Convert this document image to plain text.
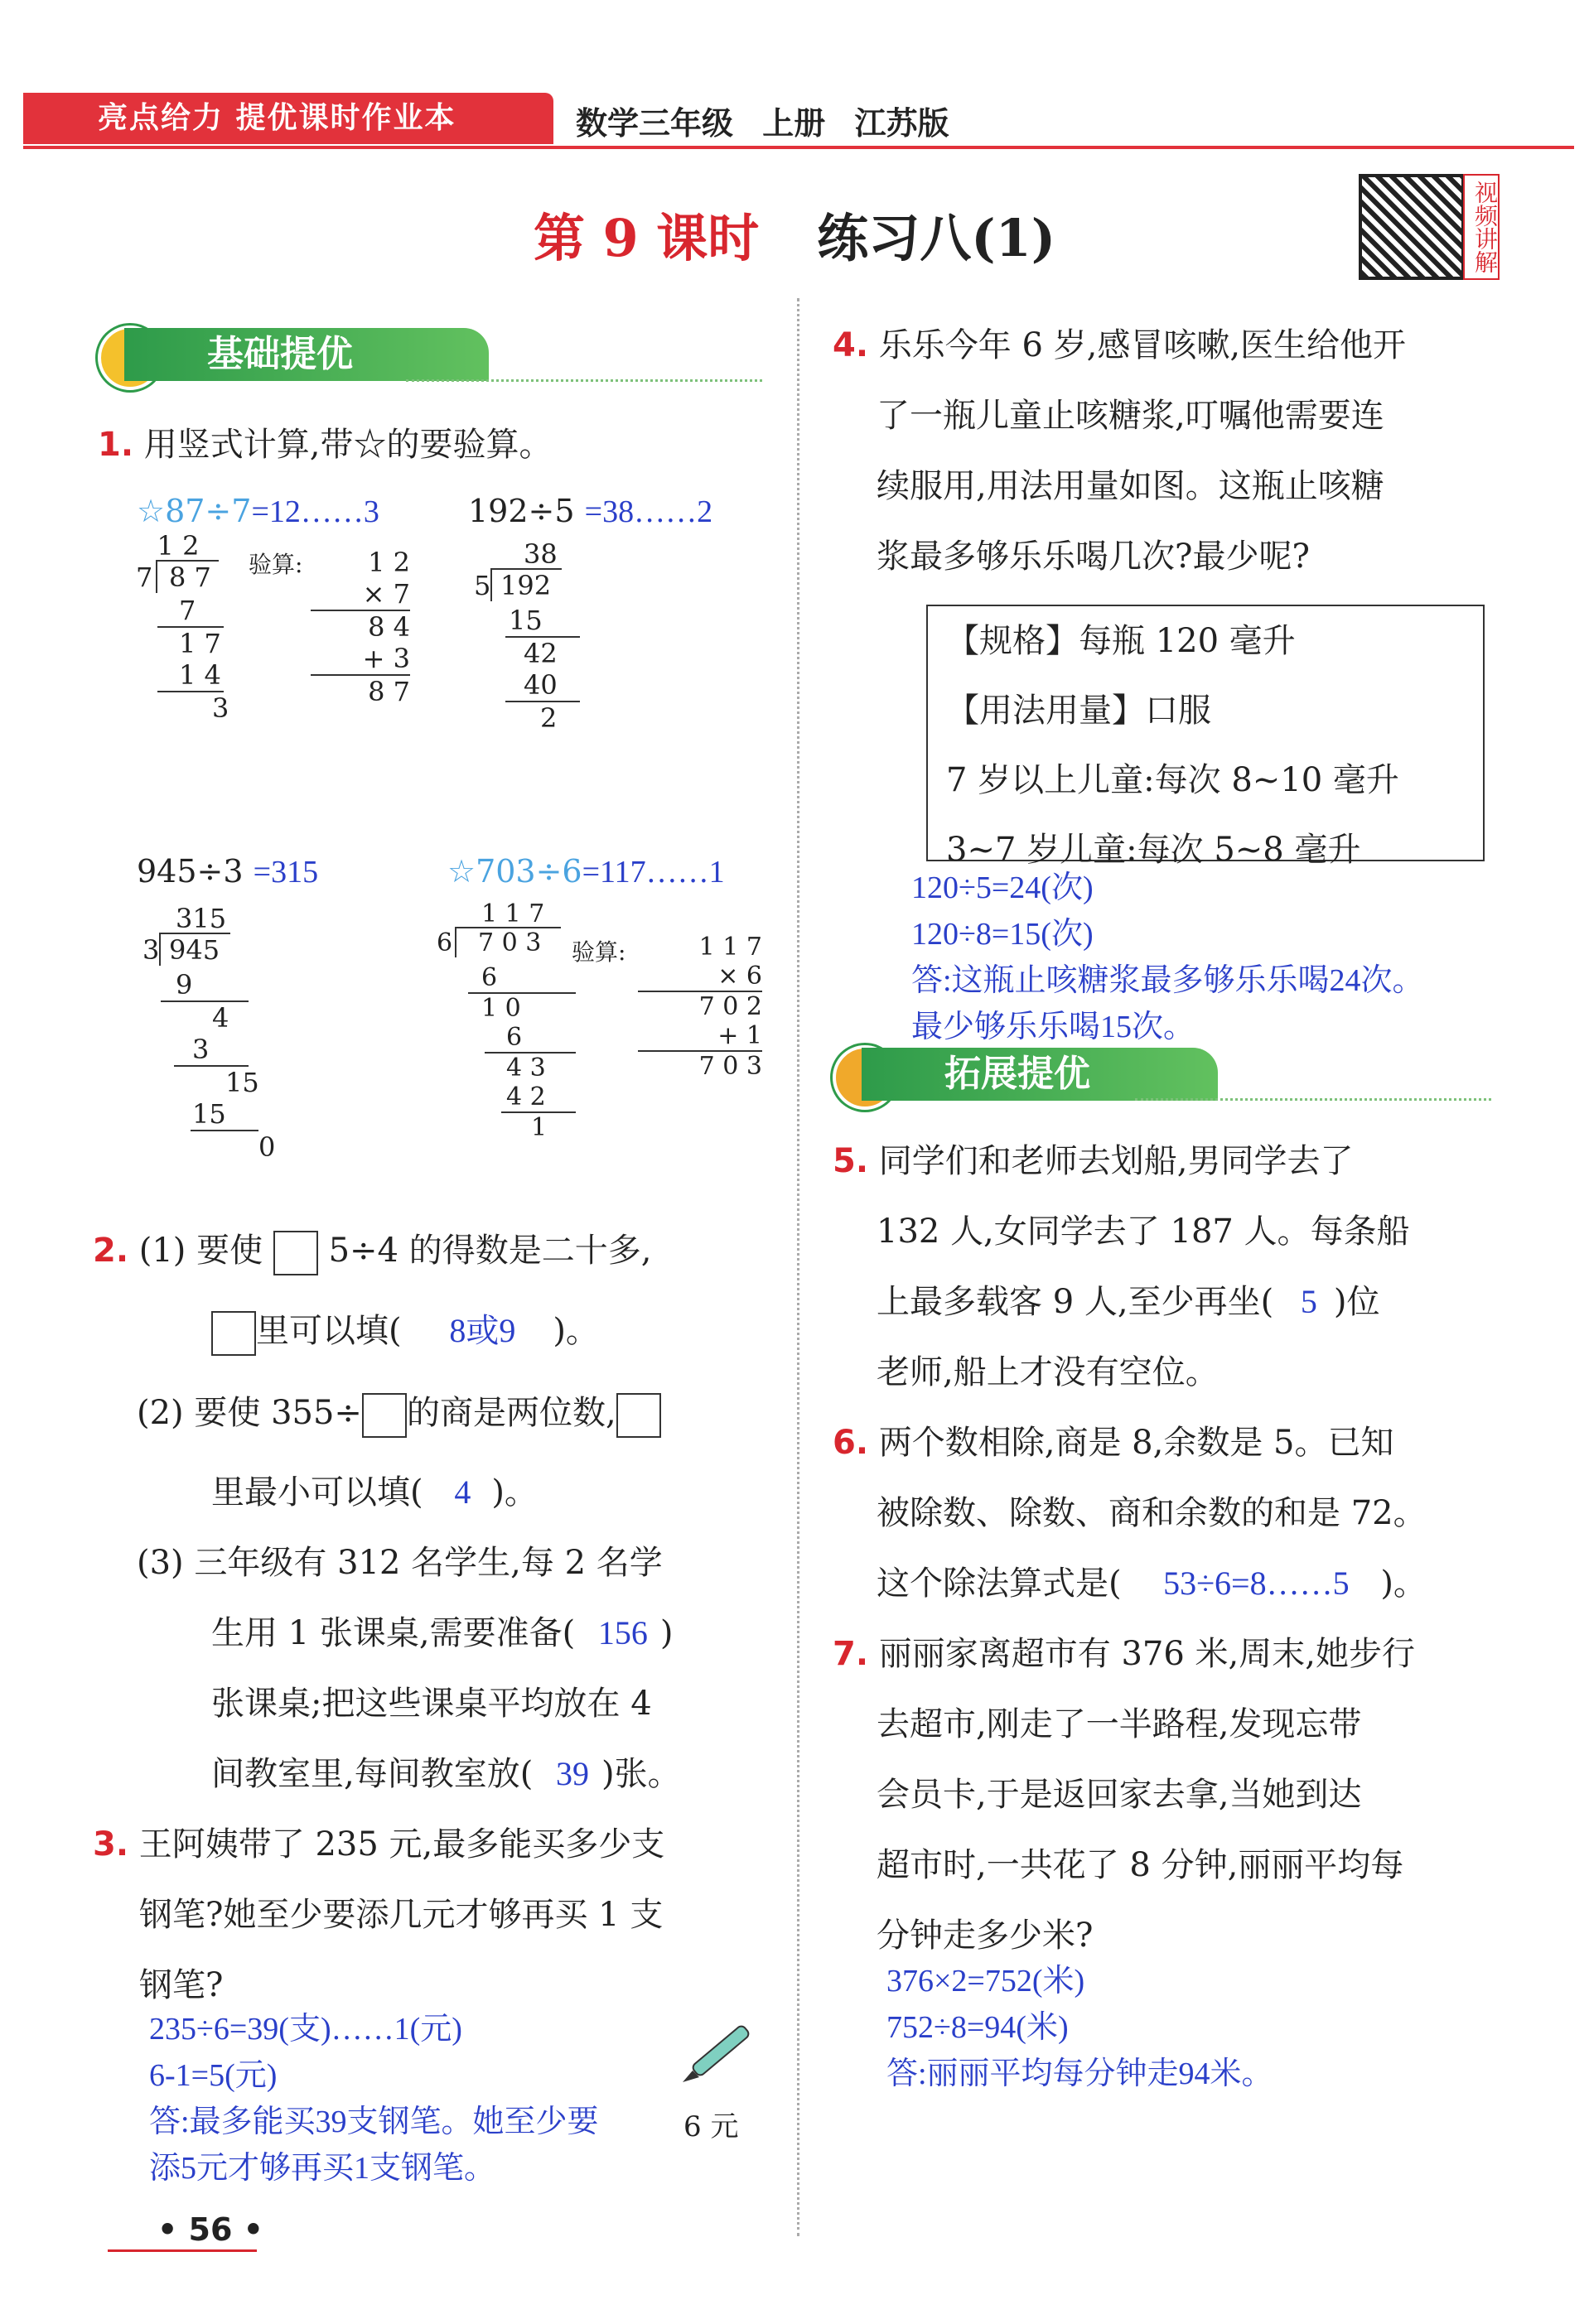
亮点给力 提优课时作业本	数学三年级 上册 江苏版
第 9 课时 练习八(1)	视频讲解
基础提优
1. 用竖式计算,带☆的要验算。
☆87÷7=12……3	192÷5 =38……2
1 2
7 8 7
7
1 7
1 4
3
验算:	1 2
× 7
8 4
+ 3
8 7
38
5 192
15
42
40
2
945÷3 =315	☆703÷6=117……1
315
3 945
9
4
3
15
15
0
1 1 7
6	7 0 3
6
1 0
6
4 3
4 2
1
验算:	1 1 7
× 6
7 0 2
+ 1
7 0 3
2. (1) 要使 5÷4 的得数是二十多,
里可以填( 8或9 )。
(2) 要使 355÷ 的商是两位数,
里最小可以填( 4 )。
(3) 三年级有 312 名学生,每 2 名学
生用 1 张课桌,需要准备( 156 )
张课桌;把这些课桌平均放在 4
间教室里,每间教室放( 39 )张。
3. 王阿姨带了 235 元,最多能买多少支
钢笔?她至少要添几元才够再买 1 支
钢笔?
235÷6=39(支)……1(元)
6-1=5(元)
答:最多能买39支钢笔。她至少要
添5元才够再买1支钢笔。
6 元
4. 乐乐今年 6 岁,感冒咳嗽,医生给他开
了一瓶儿童止咳糖浆,叮嘱他需要连
续服用,用法用量如图。这瓶止咳糖
浆最多够乐乐喝几次?最少呢?
【规格】每瓶 120 毫升
【用法用量】口服
7 岁以上儿童:每次 8~10 毫升
3~7 岁儿童:每次 5~8 毫升
120÷5=24(次)
120÷8=15(次)
答:这瓶止咳糖浆最多够乐乐喝24次。
最少够乐乐喝15次。
拓展提优
5. 同学们和老师去划船,男同学去了
132 人,女同学去了 187 人。每条船
上最多载客 9 人,至少再坐( 5 )位
老师,船上才没有空位。
6. 两个数相除,商是 8,余数是 5。已知
被除数、除数、商和余数的和是 72。
这个除法算式是( 53÷6=8……5 )。
7. 丽丽家离超市有 376 米,周末,她步行
去超市,刚走了一半路程,发现忘带
会员卡,于是返回家去拿,当她到达
超市时,一共花了 8 分钟,丽丽平均每
分钟走多少米?
376×2=752(米)
752÷8=94(米)
答:丽丽平均每分钟走94米。
• 56 •
